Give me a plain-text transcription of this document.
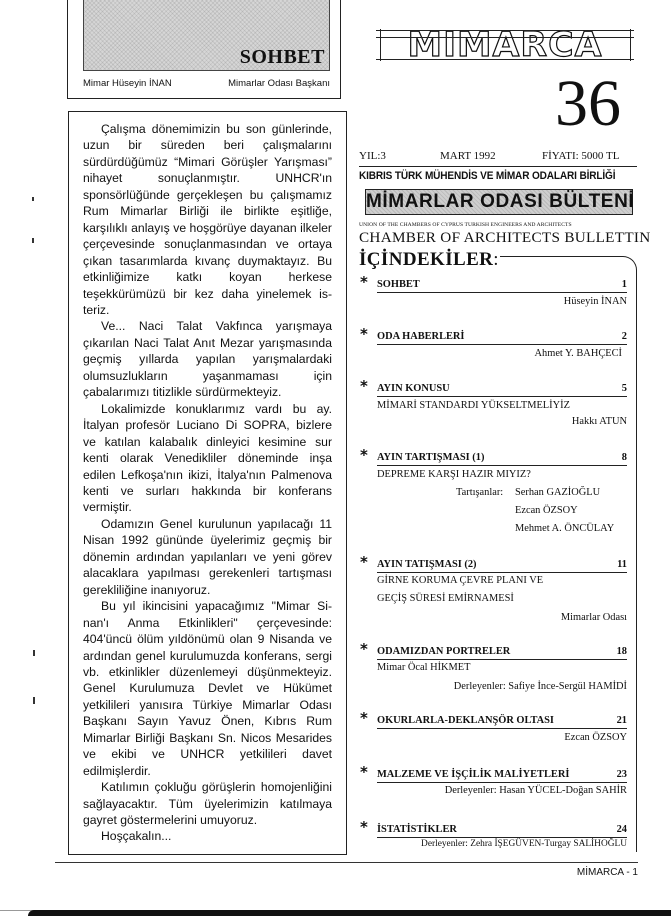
SOHBET
Mimar Hüseyin İNAN	Mimarlar Odası Başkanı

Çalışma dönemimizin bu son günlerinde, uzun bir süreden beri çalışmalarını sürdürdüğümüz “Mimari Görüşler Yarışması” nihayet sonuçlanmıştır. UNHCR'ın sponsörlüğünde gerçekleşen bu çalışmamız Rum Mimarlar Birliği ile birlikte eşitliğe, karşılıklı anlayış ve hoşgörüye dayanan ilkeler çerçevesinde sonuçlanmasından ve ortaya çıkan tasarımlarda kıvanç duymaktayız. Bu etkinliğimize katkı koyan herkese teşekkürümüzü bir kez daha yinelemek isteriz.

Ve... Naci Talat Vakfınca yarışmaya çıkarılan Naci Talat Anıt Mezar yarışmasında geçmiş yıllarda yapılan yarışmalardaki olumsuzlukların yaşanmaması için çabalarımızı titizlikle sürdürmekteyiz.

Lokalimizde konuklarımız vardı bu ay. İtalyan profesör Luciano Di SOPRA, bizlere ve katılan kalabalık dinleyici kesimine sur kenti olarak Venedikliler döneminde inşa edilen Lefkoşa'nın ikizi, İtalya'nın Palmenova kenti ve surları hakkında bir konferans vermiştir.

Odamızın Genel kurulunun yapılacağı 11 Nisan 1992 gününde üyelerimiz geçmiş bir dönemin ardından yapılanları ve yeni görev alacaklara yapılması gerekenleri tartışması gerekliliğine inanıyoruz.

Bu yıl ikincisini yapacağımız "Mimar Sinan'ı Anma Etkinlikleri" çerçevesinde: 404'üncü ölüm yıldönümü olan 9 Nisanda ve ardından genel kurulumuzda konferans, sergi vb. etkinlikler düzenlemeyi düşünmekteyiz. Genel Kurulumuza Devlet ve Hükümet yetkilileri yanısıra Türkiye Mimarlar Odası Başkanı Sayın Yavuz Önen, Kıbrıs Rum Mimarlar Birliği Başkanı Sn. Nicos Mesarides ve ekibi ve UNHCR yetkilileri davet edilmişlerdir.

Katılımın çokluğu görüşlerin homojenliğini sağlayacaktır. Tüm üyelerimizin katılmaya gayret göstermelerini umuyoruz.

Hoşçakalın...

MIMARCA
36
YIL:3	MART 1992	FİYATI: 5000 TL
KIBRIS TÜRK MÜHENDİS VE MİMAR ODALARI BİRLİĞİ
MİMARLAR ODASI BÜLTENİ
UNION OF THE CHAMBERS OF CYPRUS TURKISH ENGINEERS AND ARCHITECTS
CHAMBER OF ARCHITECTS BULLETTIN
İÇİNDEKİLER:
* SOHBET	1
Hüseyin İNAN
* ODA HABERLERİ	2
Ahmet Y. BAHÇECİ
* AYIN KONUSU	5
MİMARİ STANDARDI YÜKSELTMELİYİZ
Hakkı ATUN
* AYIN TARTIŞMASI (1)	8
DEPREME KARŞI HAZIR MIYIZ?
Tartışanlar: Serhan GAZİOĞLU
Ezcan ÖZSOY
Mehmet A. ÖNCÜLAY
* AYIN TATIŞMASI (2)	11
GİRNE KORUMA ÇEVRE PLANI VE
GEÇİŞ SÜRESİ EMİRNAMESİ
Mimarlar Odası
* ODAMIZDAN PORTRELER	18
Mimar Öcal HİKMET
Derleyenler: Safiye İnce-Sergül HAMİDİ
* OKURLARLA-DEKLANŞÖR OLTASI	21
Ezcan ÖZSOY
* MALZEME VE İŞÇİLİK MALİYETLERİ	23
Derleyenler: Hasan YÜCEL-Doğan SAHİR
* İSTATİSTİKLER	24
Derleyenler: Zehra İŞEGÜVEN-Turgay SALİHOĞLU
MİMARCA - 1
